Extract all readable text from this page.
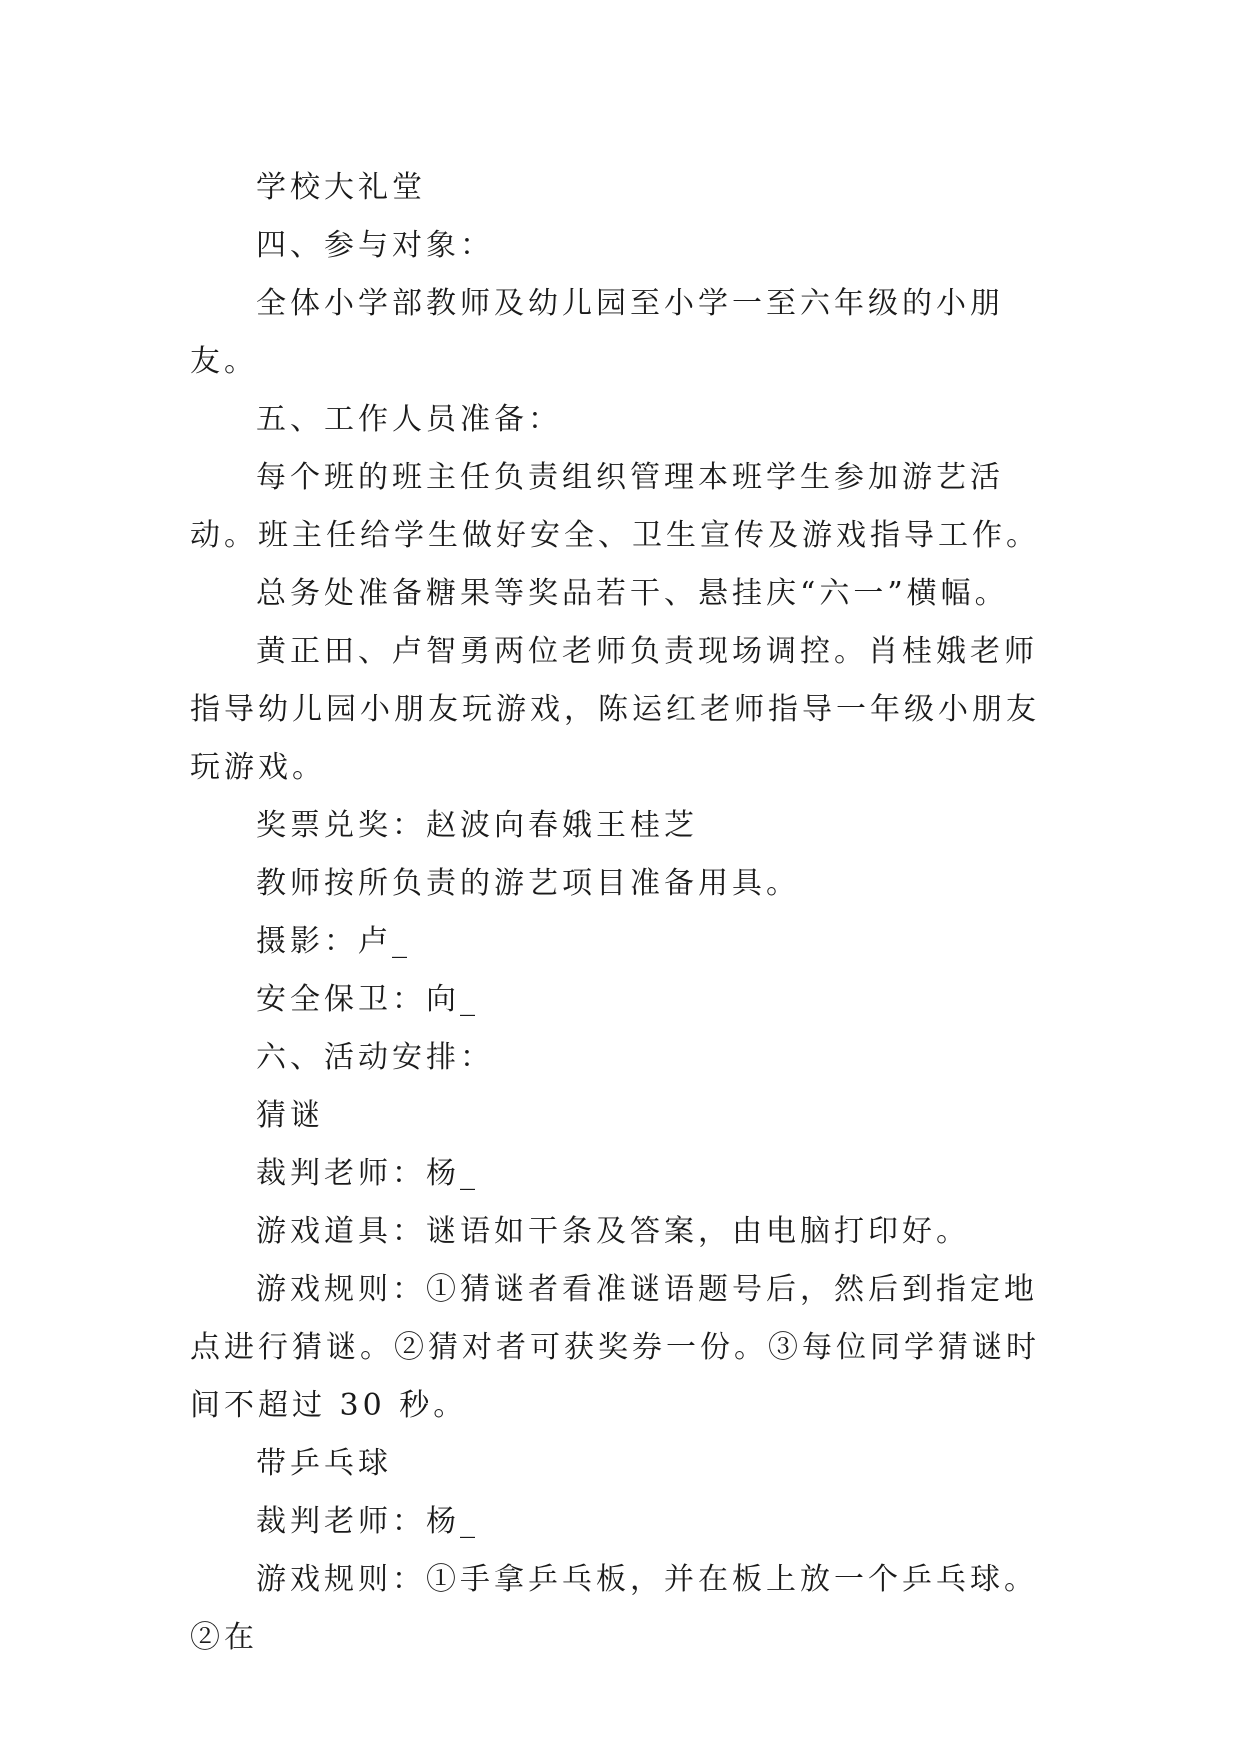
学校大礼堂

四、参与对象：

全体小学部教师及幼儿园至小学一至六年级的小朋友。

五、工作人员准备：

每个班的班主任负责组织管理本班学生参加游艺活动。班主任给学生做好安全、卫生宣传及游戏指导工作。

总务处准备糖果等奖品若干、悬挂庆“六一”横幅。

黄正田、卢智勇两位老师负责现场调控。肖桂娥老师指导幼儿园小朋友玩游戏，陈运红老师指导一年级小朋友玩游戏。

奖票兑奖：赵波向春娥王桂芝

教师按所负责的游艺项目准备用具。

摄影：卢_

安全保卫：向_

六、活动安排：

猜谜

裁判老师：杨_

游戏道具：谜语如干条及答案，由电脑打印好。

游戏规则：①猜谜者看准谜语题号后，然后到指定地点进行猜谜。②猜对者可获奖券一份。③每位同学猜谜时间不超过 30 秒。

带乒乓球

裁判老师：杨_

游戏规则：①手拿乒乓板，并在板上放一个乒乓球。②在
